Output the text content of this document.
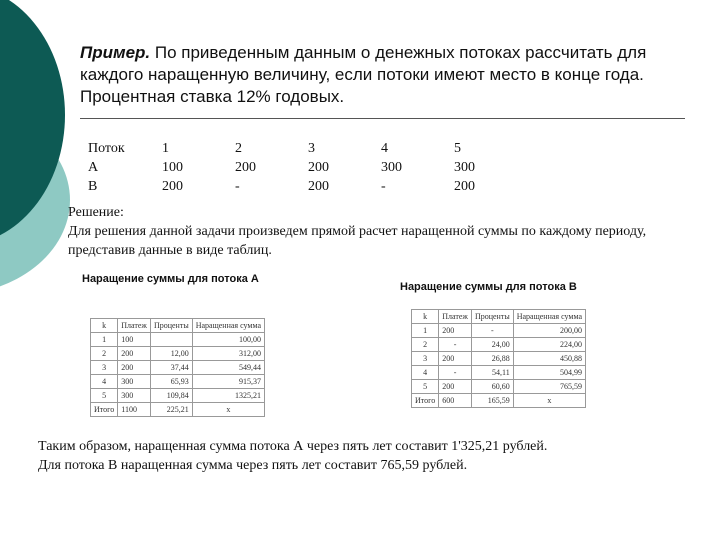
Пример. По приведенным данным о денежных потоках рассчитать для каждого наращенную величину, если потоки имеют место в конце года. Процентная ставка 12% годовых.
Поток	1	2	3	4	5
А	100	200	200	300	300
В	200	-	200	-	200
Решение:
Для решения данной задачи произведем прямой расчет наращенной суммы по каждому периоду, представив данные в виде таблиц.
Наращение суммы для потока А
Наращение суммы для потока В
k	Платеж	Проценты	Наращенная сумма
1	100		100,00
2	200	12,00	312,00
3	200	37,44	549,44
4	300	65,93	915,37
5	300	109,84	1325,21
Итого	1100	225,21	x
k	Платеж	Проценты	Наращенная сумма
1	200	-	200,00
2	-	24,00	224,00
3	200	26,88	450,88
4	-	54,11	504,99
5	200	60,60	765,59
Итого	600	165,59	x
Таким образом, наращенная сумма потока А через пять лет составит 1'325,21 рублей.
Для потока В наращенная сумма через пять лет составит 765,59 рублей.
